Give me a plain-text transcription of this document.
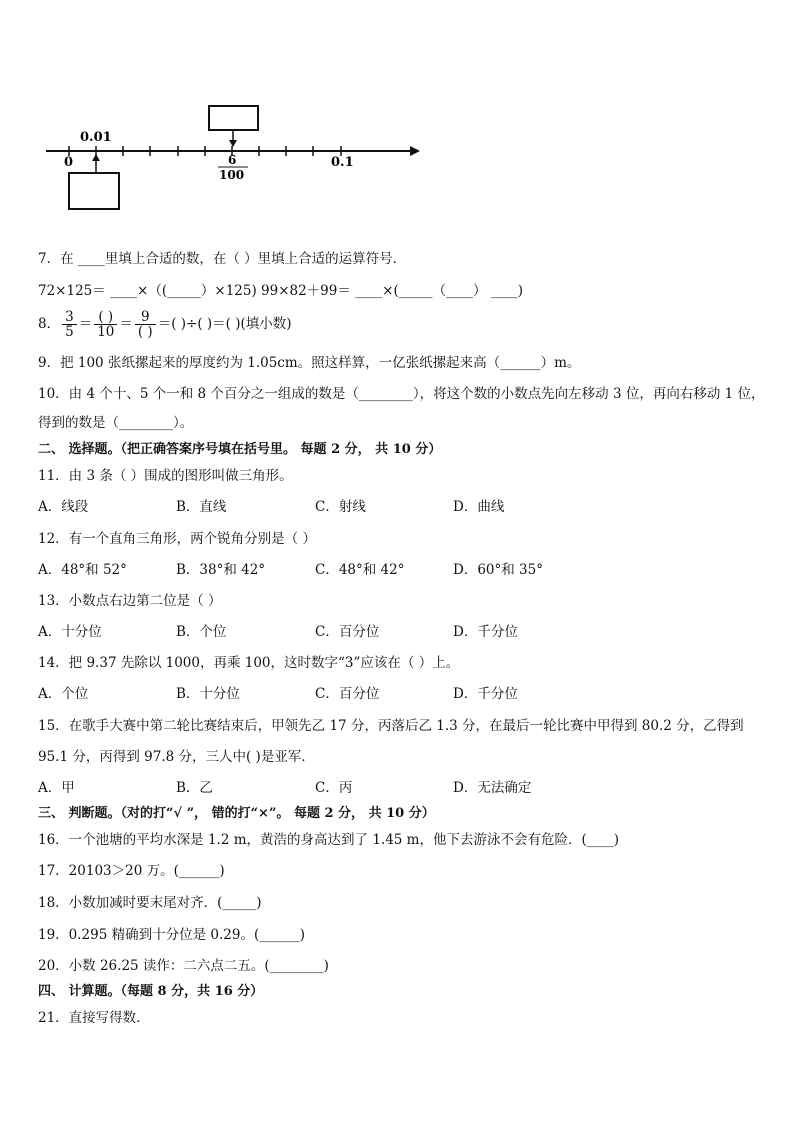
0
0.01
6
100
0.1
7．在 ____里填上合适的数，在（ ）里填上合适的运算符号．
72×125＝ ____×（(_____）×125) 99×82＋99＝ ____×(_____（____） ____)
8． $\frac{3}{5} = \frac{( )}{10} = \frac{9}{( )}$ ＝( )÷( )＝( )(填小数)
9．把 100 张纸摞起来的厚度约为 1.05cm。照这样算，一亿张纸摞起来高（______）m。
10．由 4 个十、5 个一和 8 个百分之一组成的数是（________），将这个数的小数点先向左移动 3 位，再向右移动 1 位，
得到的数是（________）。
二、 选择题。（把正确答案序号填在括号里。 每题 2 分， 共 10 分）
11．由 3 条（ ）围成的图形叫做三角形。
A．线段	B．直线	C．射线	D．曲线
12．有一个直角三角形，两个锐角分别是（ ）
A．48°和 52°	B．38°和 42°	C．48°和 42°	D．60°和 35°
13．小数点右边第二位是（ ）
A．十分位	B．个位	C．百分位	D．千分位
14．把 9.37 先除以 1000，再乘 100，这时数字“3”应该在（ ）上。
A．个位	B．十分位	C．百分位	D．千分位
15．在歌手大赛中第二轮比赛结束后，甲领先乙 17 分，丙落后乙 1.3 分，在最后一轮比赛中甲得到 80.2 分，乙得到
95.1 分，丙得到 97.8 分，三人中( )是亚军．
A．甲	B．乙	C．丙	D．无法确定
三、 判断题。（对的打“√ ”， 错的打“×”。 每题 2 分， 共 10 分）
16．一个池塘的平均水深是 1.2 m，黄浩的身高达到了 1.45 m，他下去游泳不会有危险．(____)
17．20103＞20 万。(______)
18．小数加减时要末尾对齐．(_____)
19．0.295 精确到十分位是 0.29。(______)
20．小数 26.25 读作：二六点二五。(________)
四、 计算题。（每题 8 分，共 16 分）
21．直接写得数．
